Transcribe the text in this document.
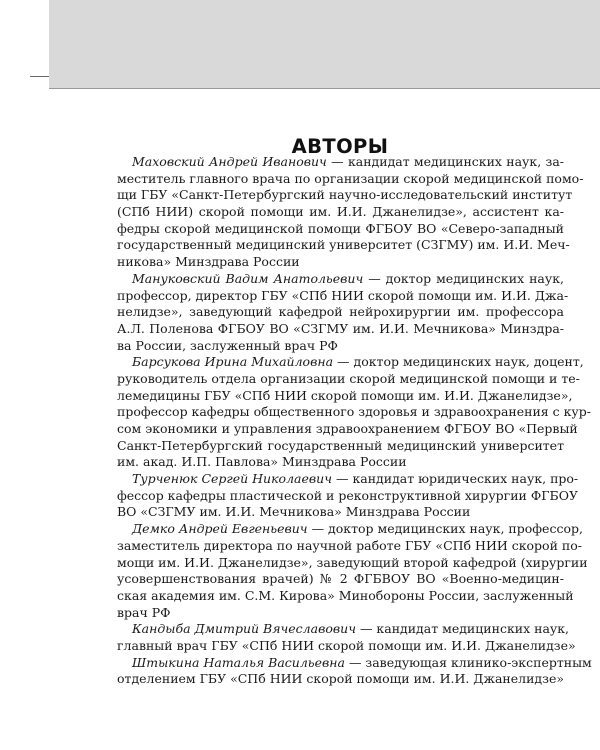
АВТОРЫ

Маховский Андрей Иванович — кандидат медицинских наук, за-
меститель главного врача по организации скорой медицинской помо-
щи ГБУ «Санкт-Петербургский научно-исследовательский институт
(СПб НИИ) скорой помощи им. И.И. Джанелидзе», ассистент ка-
федры скорой медицинской помощи ФГБОУ ВО «Северо-западный
государственный медицинский университет (СЗГМУ) им. И.И. Меч-
никова» Минздрава России

Мануковский Вадим Анатольевич — доктор медицинских наук,
профессор, директор ГБУ «СПб НИИ скорой помощи им. И.И. Джа-
нелидзе», заведующий кафедрой нейрохирургии им. профессора
А.Л. Поленова ФГБОУ ВО «СЗГМУ им. И.И. Мечникова» Минздра-
ва России, заслуженный врач РФ

Барсукова Ирина Михайловна — доктор медицинских наук, доцент,
руководитель отдела организации скорой медицинской помощи и те-
лемедицины ГБУ «СПб НИИ скорой помощи им. И.И. Джанелидзе»,
профессор кафедры общественного здоровья и здравоохранения с кур-
сом экономики и управления здравоохранением ФГБОУ ВО «Первый
Санкт-Петербургский государственный медицинский университет
им. акад. И.П. Павлова» Минздрава России

Турченюк Сергей Николаевич — кандидат юридических наук, про-
фессор кафедры пластической и реконструктивной хирургии ФГБОУ
ВО «СЗГМУ им. И.И. Мечникова» Минздрава России

Демко Андрей Евгеньевич — доктор медицинских наук, профессор,
заместитель директора по научной работе ГБУ «СПб НИИ скорой по-
мощи им. И.И. Джанелидзе», заведующий второй кафедрой (хирургии
усовершенствования врачей) № 2 ФГБВОУ ВО «Военно-медицин-
ская академия им. С.М. Кирова» Минобороны России, заслуженный
врач РФ

Кандыба Дмитрий Вячеславович — кандидат медицинских наук,
главный врач ГБУ «СПб НИИ скорой помощи им. И.И. Джанелидзе»

Штыкина Наталья Васильевна — заведующая клинико-экспертным
отделением ГБУ «СПб НИИ скорой помощи им. И.И. Джанелидзе»
